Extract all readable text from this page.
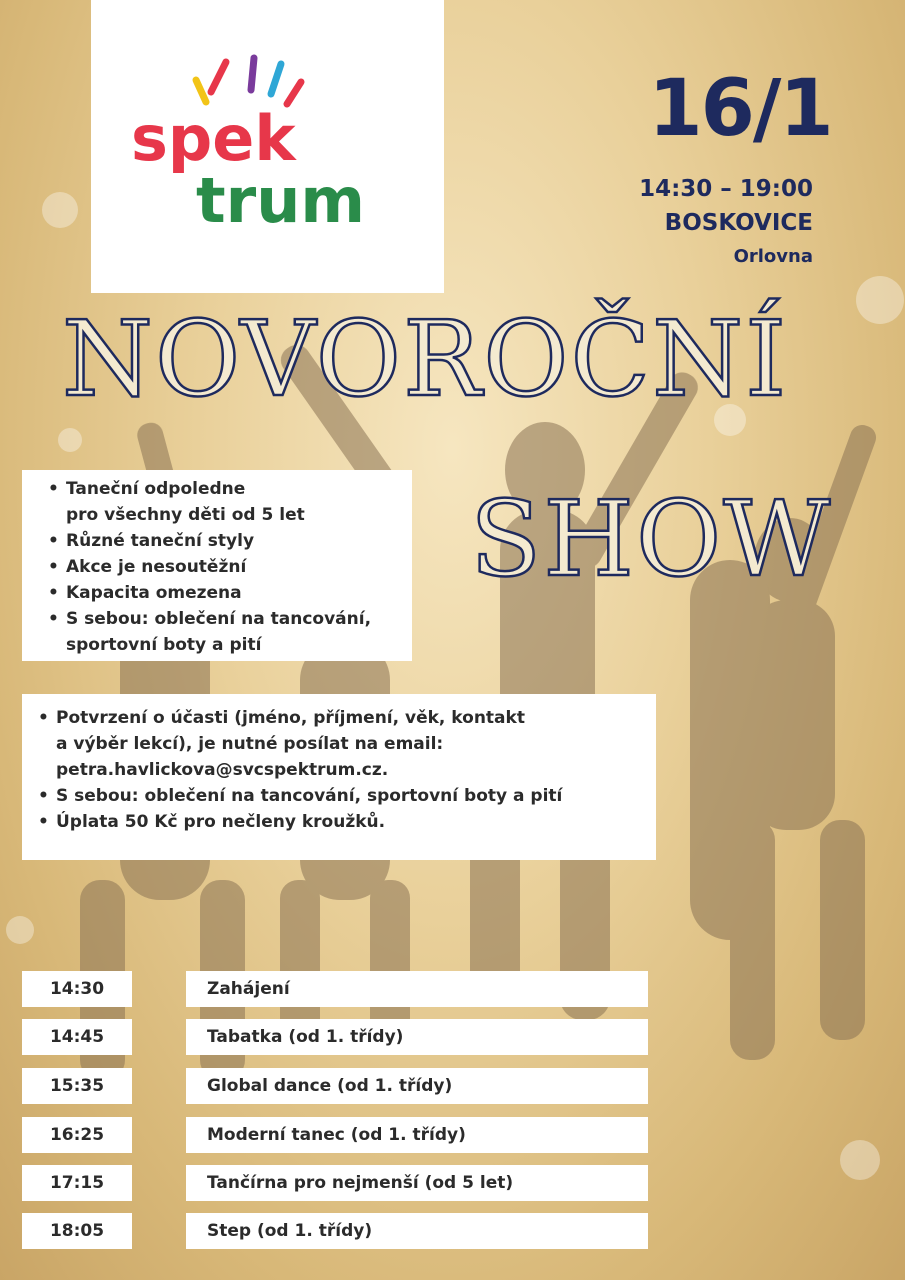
spek
trum
16/1
14:30 – 19:00
BOSKOVICE
Orlovna
NOVOROČNÍ
SHOW
• Taneční odpoledne
pro všechny děti od 5 let
• Různé taneční styly
• Akce je nesoutěžní
• Kapacita omezena
• S sebou: oblečení na tancování,
sportovní boty a pití
• Potvrzení o účasti (jméno, příjmení, věk, kontakt
a výběr lekcí), je nutné posílat na email:
petra.havlickova@svcspektrum.cz.
• S sebou: oblečení na tancování, sportovní boty a pití
• Úplata 50 Kč pro nečleny kroužků.
14:30	Zahájení
14:45	Tabatka (od 1. třídy)
15:35	Global dance (od 1. třídy)
16:25	Moderní tanec (od 1. třídy)
17:15	Tančírna pro nejmenší (od 5 let)
18:05	Step (od 1. třídy)
